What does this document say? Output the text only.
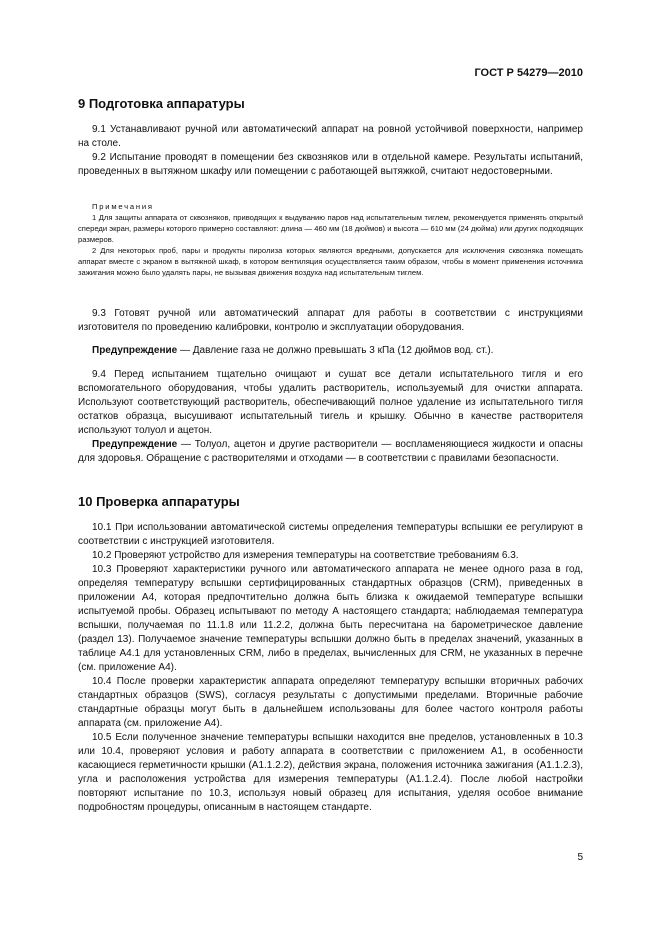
ГОСТ Р 54279—2010
9 Подготовка аппаратуры

9.1 Устанавливают ручной или автоматический аппарат на ровной устойчивой поверхности, например на столе.

9.2 Испытание проводят в помещении без сквозняков или в отдельной камере. Результаты испытаний, проведенных в вытяжном шкафу или помещении с работающей вытяжкой, считают недостоверными.

Примечания

1 Для защиты аппарата от сквозняков, приводящих к выдуванию паров над испытательным тиглем, рекомендуется применять открытый спереди экран, размеры которого примерно составляют: длина — 460 мм (18 дюймов) и высота — 610 мм (24 дюйма) или других подходящих размеров.

2 Для некоторых проб, пары и продукты пиролиза которых являются вредными, допускается для исключения сквозняка помещать аппарат вместе с экраном в вытяжной шкаф, в котором вентиляция осуществляется таким образом, чтобы в момент применения источника зажигания можно было удалять пары, не вызывая движения воздуха над испытательным тиглем.

9.3 Готовят ручной или автоматический аппарат для работы в соответствии с инструкциями изготовителя по проведению калибровки, контролю и эксплуатации оборудования.

Предупреждение — Давление газа не должно превышать 3 кПа (12 дюймов вод. ст.).

9.4 Перед испытанием тщательно очищают и сушат все детали испытательного тигля и его вспомогательного оборудования, чтобы удалить растворитель, используемый для очистки аппарата. Используют соответствующий растворитель, обеспечивающий полное удаление из испытательного тигля остатков образца, высушивают испытательный тигель и крышку. Обычно в качестве растворителя используют толуол и ацетон.

Предупреждение — Толуол, ацетон и другие растворители — воспламеняющиеся жидкости и опасны для здоровья. Обращение с растворителями и отходами — в соответствии с правилами безопасности.

10 Проверка аппаратуры

10.1 При использовании автоматической системы определения температуры вспышки ее регулируют в соответствии с инструкцией изготовителя.

10.2 Проверяют устройство для измерения температуры на соответствие требованиям 6.3.

10.3 Проверяют характеристики ручного или автоматического аппарата не менее одного раза в год, определяя температуру вспышки сертифицированных стандартных образцов (CRM), приведенных в приложении А4, которая предпочтительно должна быть близка к ожидаемой температуре вспышки испытуемой пробы. Образец испытывают по методу А настоящего стандарта; наблюдаемая температура вспышки, получаемая по 11.1.8 или 11.2.2, должна быть пересчитана на барометрическое давление (раздел 13). Получаемое значение температуры вспышки должно быть в пределах значений, указанных в таблице А4.1 для установленных CRM, либо в пределах, вычисленных для CRM, не указанных в перечне (см. приложение А4).

10.4 После проверки характеристик аппарата определяют температуру вспышки вторичных рабочих стандартных образцов (SWS), согласуя результаты с допустимыми пределами. Вторичные рабочие стандартные образцы могут быть в дальнейшем использованы для более частого контроля работы аппарата (см. приложение А4).

10.5 Если полученное значение температуры вспышки находится вне пределов, установленных в 10.3 или 10.4, проверяют условия и работу аппарата в соответствии с приложением А1, в особенности касающиеся герметичности крышки (А1.1.2.2), действия экрана, положения источника зажигания (А1.1.2.3), угла и расположения устройства для измерения температуры (А1.1.2.4). После любой настройки повторяют испытание по 10.3, используя новый образец для испытания, уделяя особое внимание подробностям процедуры, описанным в настоящем стандарте.

5
